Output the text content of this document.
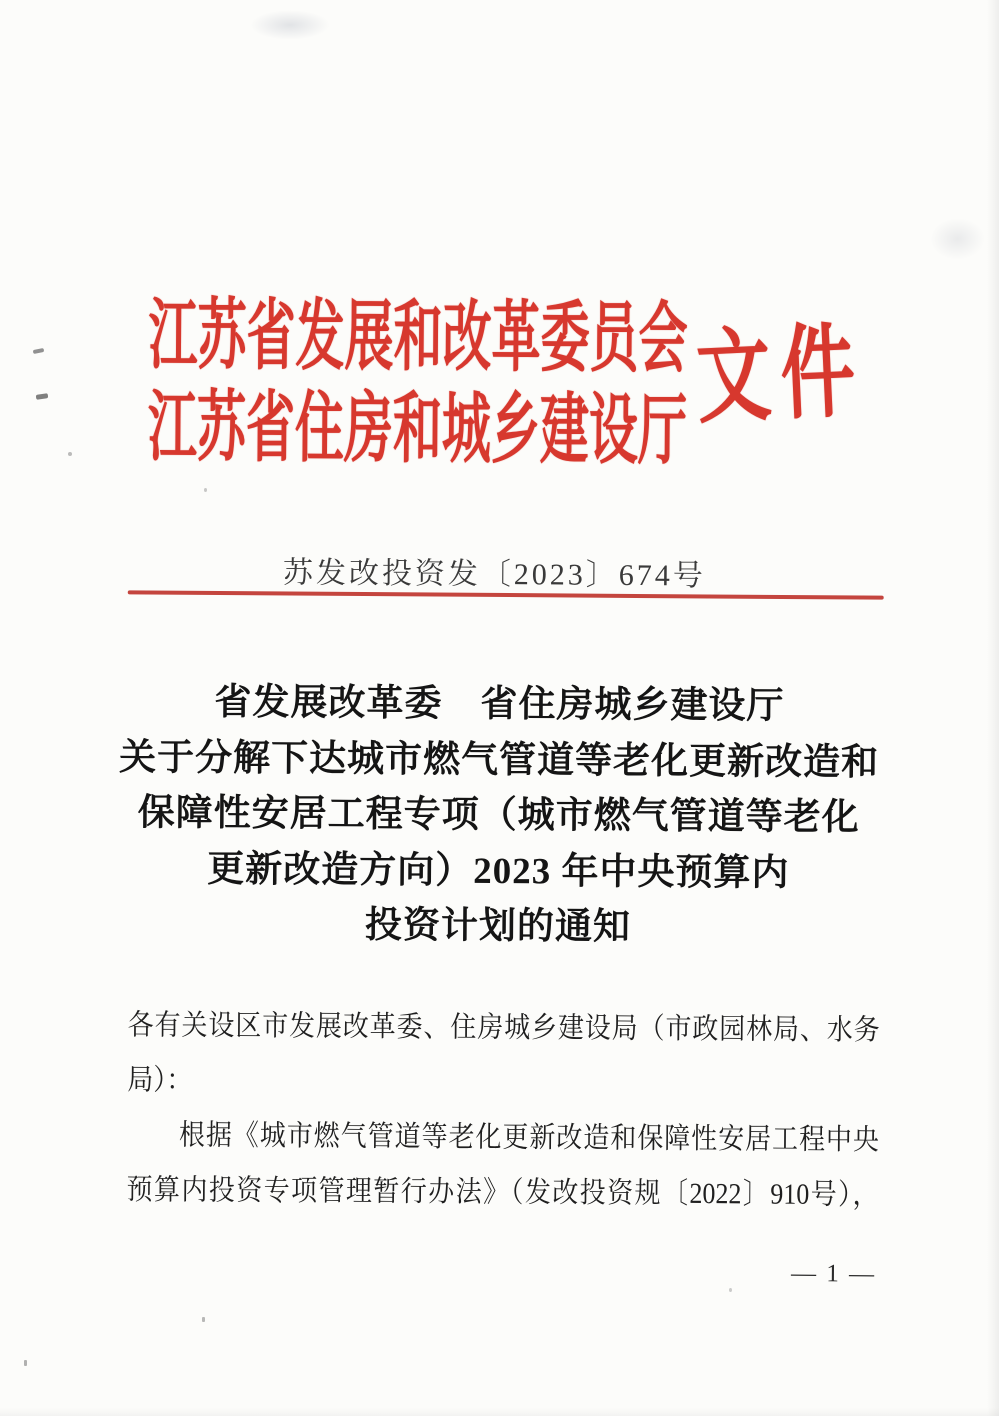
江苏省发展和改革委员会
江苏省住房和城乡建设厅 文件
苏发改投资发〔2023〕674号
省发展改革委　省住房城乡建设厅
关于分解下达城市燃气管道等老化更新改造和
保障性安居工程专项（城市燃气管道等老化
更新改造方向）2023 年中央预算内
投资计划的通知
各有关设区市发展改革委、住房城乡建设局（市政园林局、水务
局）：
根据《城市燃气管道等老化更新改造和保障性安居工程中央
预算内投资专项管理暂行办法》（发改投资规〔2022〕910号），
— 1 —
